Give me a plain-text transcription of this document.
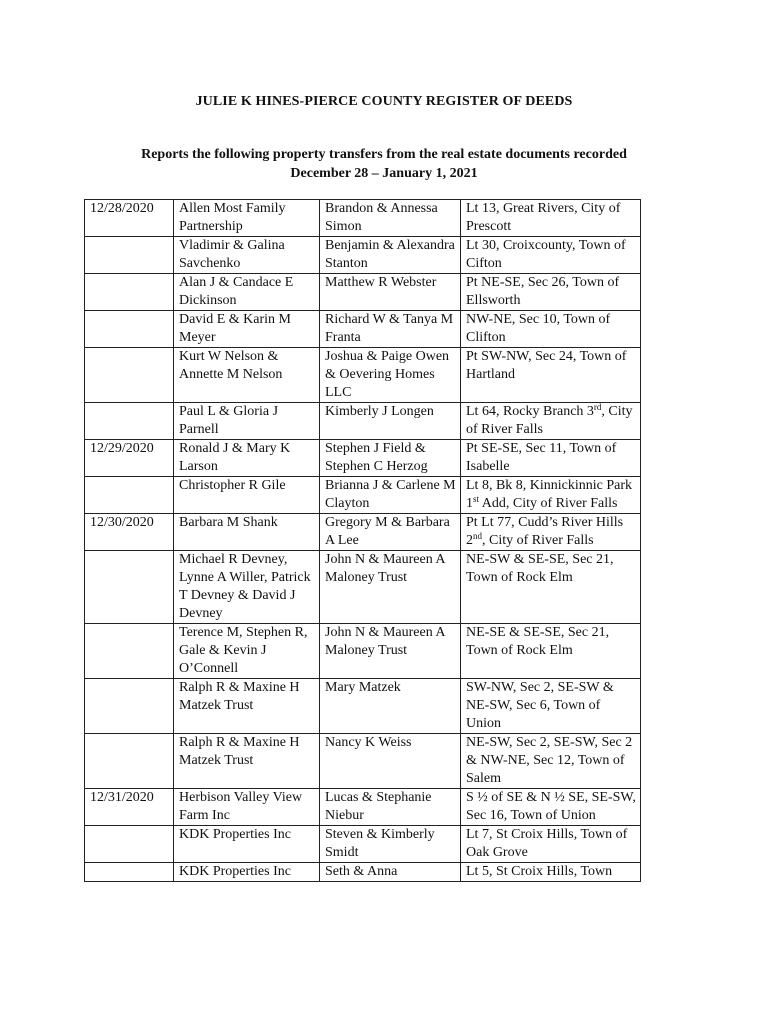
JULIE K HINES-PIERCE COUNTY REGISTER OF DEEDS
Reports the following property transfers from the real estate documents recorded
December 28 – January 1, 2021
12/28/2020	Allen Most Family Partnership	Brandon & Annessa Simon	Lt 13, Great Rivers, City of Prescott
	Vladimir & Galina Savchenko	Benjamin & Alexandra Stanton	Lt 30, Croixcounty, Town of Cifton
	Alan J & Candace E Dickinson	Matthew R Webster	Pt NE-SE, Sec 26, Town of Ellsworth
	David E & Karin M Meyer	Richard W & Tanya M Franta	NW-NE, Sec 10, Town of Clifton
	Kurt W Nelson & Annette M Nelson	Joshua & Paige Owen & Oevering Homes LLC	Pt SW-NW, Sec 24, Town of Hartland
	Paul L & Gloria J Parnell	Kimberly J Longen	Lt 64, Rocky Branch 3rd, City of River Falls
12/29/2020	Ronald J & Mary K Larson	Stephen J Field & Stephen C Herzog	Pt SE-SE, Sec 11, Town of Isabelle
	Christopher R Gile	Brianna J & Carlene M Clayton	Lt 8, Bk 8, Kinnickinnic Park 1st Add, City of River Falls
12/30/2020	Barbara M Shank	Gregory M & Barbara A Lee	Pt Lt 77, Cudd’s River Hills 2nd, City of River Falls
	Michael R Devney, Lynne A Willer, Patrick T Devney & David J Devney	John N & Maureen A Maloney Trust	NE-SW & SE-SE, Sec 21, Town of Rock Elm
	Terence M, Stephen R, Gale & Kevin J O’Connell	John N & Maureen A Maloney Trust	NE-SE & SE-SE, Sec 21, Town of Rock Elm
	Ralph R & Maxine H Matzek Trust	Mary Matzek	SW-NW, Sec 2, SE-SW & NE-SW, Sec 6, Town of Union
	Ralph R & Maxine H Matzek Trust	Nancy K Weiss	NE-SW, Sec 2, SE-SW, Sec 2 & NW-NE, Sec 12, Town of Salem
12/31/2020	Herbison Valley View Farm Inc	Lucas & Stephanie Niebur	S ½ of SE & N ½ SE, SE-SW, Sec 16, Town of Union
	KDK Properties Inc	Steven & Kimberly Smidt	Lt 7, St Croix Hills, Town of Oak Grove
	KDK Properties Inc	Seth & Anna	Lt 5, St Croix Hills, Town
